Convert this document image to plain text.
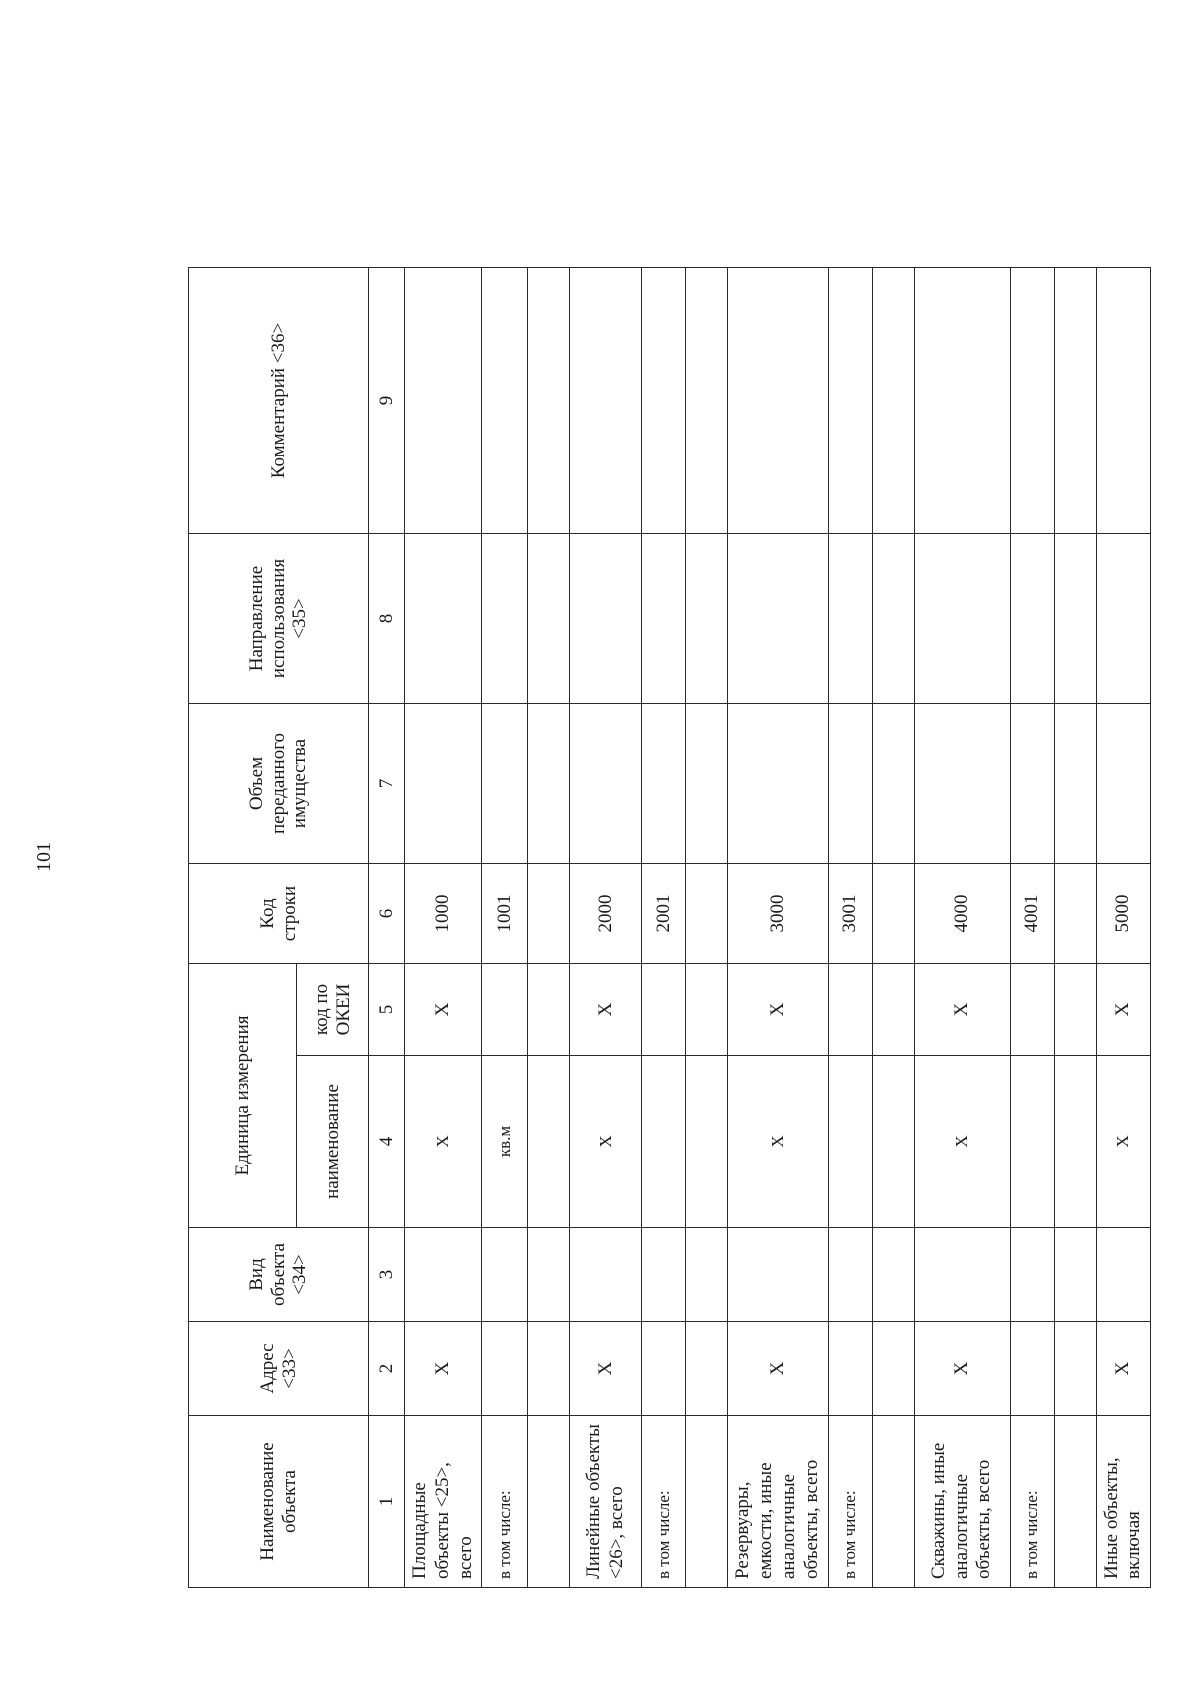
101
Наименование объекта	Адрес <33>	Вид объекта <34>	Единица измерения		Код строки	Объем переданного имущества	Направление использования <35>	Комментарий <36>
			наименование	код по ОКЕИ				
1	2	3	4	5	6	7	8	9
Площадные объекты <25>, всего	X		X	X	1000			
в том числе:			кв.м		1001			

Линейные объекты <26>, всего	X		X	X	2000			
в том числе:					2001			

Резервуары, емкости, иные аналогичные объекты, всего	X		X	X	3000			
в том числе:					3001			

Скважины, иные аналогичные объекты, всего	X		X	X	4000			
в том числе:					4001			

Иные объекты, включая	X		X	X	5000			
